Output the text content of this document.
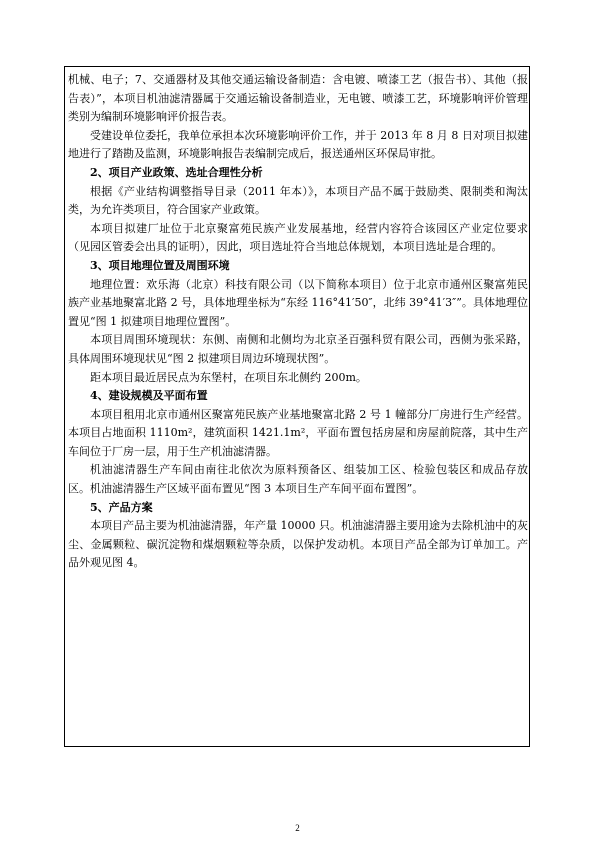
机械、电子；7、交通器材及其他交通运输设备制造：含电镀、喷漆工艺（报告书）、其他（报告表）”，本项目机油滤清器属于交通运输设备制造业，无电镀、喷漆工艺，环境影响评价管理类别为编制环境影响评价报告表。

受建设单位委托，我单位承担本次环境影响评价工作，并于 2013 年 8 月 8 日对项目拟建地进行了踏勘及监测，环境影响报告表编制完成后，报送通州区环保局审批。

2、项目产业政策、选址合理性分析

根据《产业结构调整指导目录（2011 年本）》，本项目产品不属于鼓励类、限制类和淘汰类，为允许类项目，符合国家产业政策。

本项目拟建厂址位于北京聚富苑民族产业发展基地，经营内容符合该园区产业定位要求（见园区管委会出具的证明），因此，项目选址符合当地总体规划，本项目选址是合理的。

3、项目地理位置及周围环境

地理位置：欢乐海（北京）科技有限公司（以下简称本项目）位于北京市通州区聚富苑民族产业基地聚富北路 2 号，具体地理坐标为“东经 116°41′50″，北纬 39°41′3″”。具体地理位置见“图 1 拟建项目地理位置图”。

本项目周围环境现状：东侧、南侧和北侧均为北京圣百强科贸有限公司，西侧为张采路，具体周围环境现状见“图 2 拟建项目周边环境现状图”。

距本项目最近居民点为东堡村，在项目东北侧约 200m。

4、建设规模及平面布置

本项目租用北京市通州区聚富苑民族产业基地聚富北路 2 号 1 幢部分厂房进行生产经营。本项目占地面积 1110m²，建筑面积 1421.1m²，平面布置包括房屋和房屋前院落，其中生产车间位于厂房一层，用于生产机油滤清器。

机油滤清器生产车间由南往北依次为原料预备区、组装加工区、检验包装区和成品存放区。机油滤清器生产区域平面布置见“图 3 本项目生产车间平面布置图”。

5、产品方案

本项目产品主要为机油滤清器，年产量 10000 只。机油滤清器主要用途为去除机油中的灰尘、金属颗粒、碳沉淀物和煤烟颗粒等杂质，以保护发动机。本项目产品全部为订单加工。产品外观见图 4。

2
